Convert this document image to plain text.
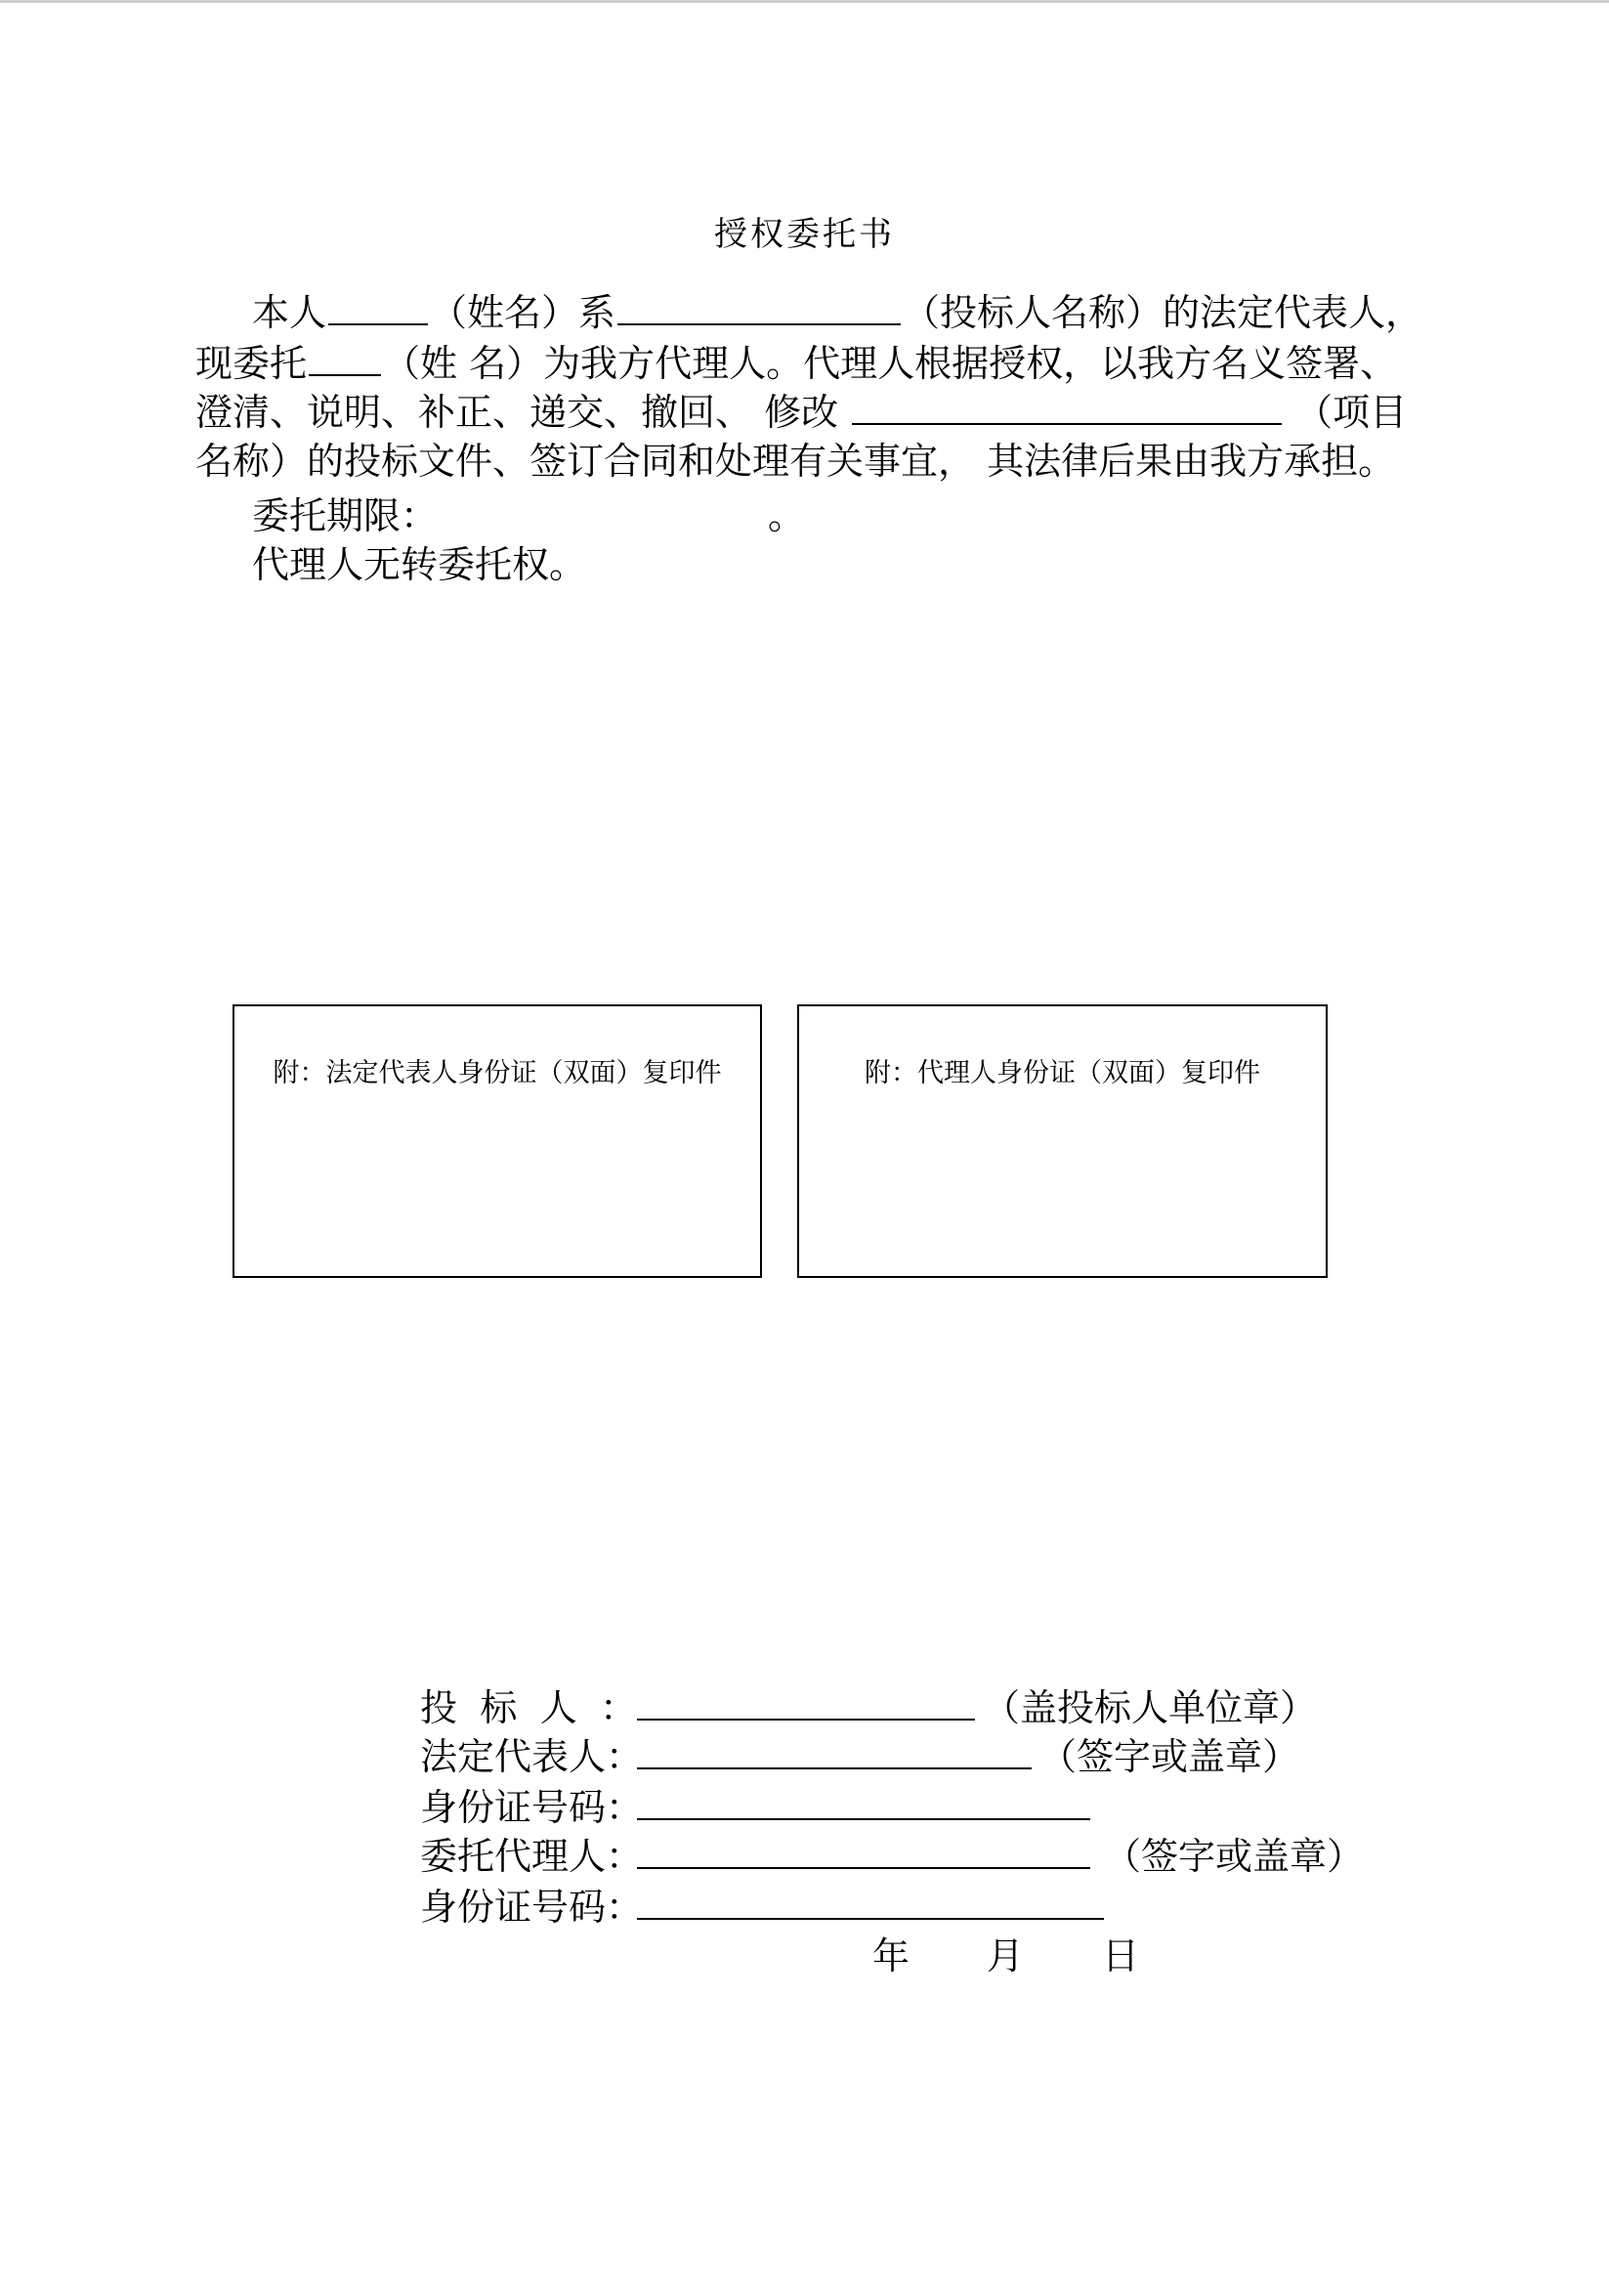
授权委托书
本人	（姓名）系	（投标人名称）的法定代表人，
现委托 （姓 名）为我方代理人。代理人根据授权，以我方名义签署、
澄清、说明、补正、递交、撤回、 修改	（项目
名称）的投标文件、签订合同和处理有关事宜， 其法律后果由我方承担。
委托期限：	。
代理人无转委托权。
附：法定代表人身份证（双面）复印件	附：代理人身份证（双面）复印件
投标人：	（盖投标人单位章）
法定代表人：	（签字或盖章）
身份证号码：
委托代理人：	（签字或盖章）
身份证号码：
年 月 日
